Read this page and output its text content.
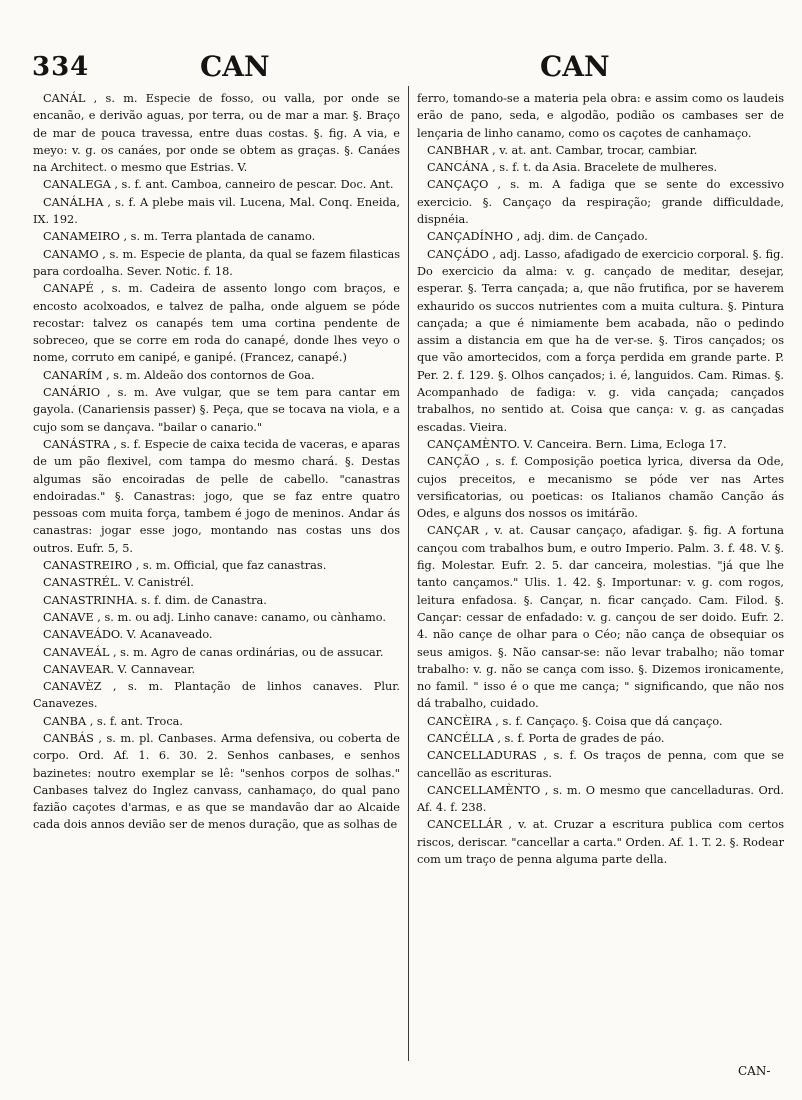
334	CAN	CAN

CANÁL , s. m. Especie de fosso, ou valla, por onde se encanão, e derivão aguas, por terra, ou de mar a mar. §. Braço de mar de pouca travessa, entre duas costas. §. fig. A via, e meyo: v. g. os canáes, por onde se obtem as graças. §. Canáes na Architect. o mesmo que Estrias. V.

CANALEGA , s. f. ant. Camboa, canneiro de pescar. Doc. Ant.

CANÁLHA , s. f. A plebe mais vil. Lucena, Mal. Conq. Eneida, IX. 192.

CANAMEIRO , s. m. Terra plantada de canamo.

CANAMO , s. m. Especie de planta, da qual se fazem filasticas para cordoalha. Sever. Notic. f. 18.

CANAPÉ , s. m. Cadeira de assento longo com braços, e encosto acolxoados, e talvez de palha, onde alguem se póde recostar: talvez os canapés tem uma cortina pendente de sobreceo, que se corre em roda do canapé, donde lhes veyo o nome, corruto em canipé, e ganipé. (Francez, canapé.)

CANARÍM , s. m. Aldeão dos contornos de Goa.

CANÁRIO , s. m. Ave vulgar, que se tem para cantar em gayola. (Canariensis passer) §. Peça, que se tocava na viola, e a cujo som se dançava. "bailar o canario."

CANÁSTRA , s. f. Especie de caixa tecida de vaceras, e aparas de um pão flexivel, com tampa do mesmo chará. §. Destas algumas são encoiradas de pelle de cabello. "canastras endoiradas." §. Canastras: jogo, que se faz entre quatro pessoas com muita força, tambem é jogo de meninos. Andar ás canastras: jogar esse jogo, montando nas costas uns dos outros. Eufr. 5, 5.

CANASTREIRO , s. m. Official, que faz canastras.

CANASTRÉL. V. Canistrél.

CANASTRINHA. s. f. dim. de Canastra.

CANAVE , s. m. ou adj. Linho canave: canamo, ou cànhamo.

CANAVEÁDO. V. Acanaveado.

CANAVEÁL , s. m. Agro de canas ordinárias, ou de assucar.

CANAVEAR. V. Cannavear.

CANAVÈZ , s. m. Plantação de linhos canaves. Plur. Canavezes.

CANBA , s. f. ant. Troca.

CANBÁS , s. m. pl. Canbases. Arma defensiva, ou coberta de corpo. Ord. Af. 1. 6. 30. 2. Senhos canbases, e senhos bazinetes: noutro exemplar se lê: "senhos corpos de solhas." Canbases talvez do Inglez canvass, canhamaço, do qual pano fazião caçotes d'armas, e as que se mandavão dar ao Alcaide cada dois annos devião ser de menos duração, que as solhas de

ferro, tomando-se a materia pela obra: e assim como os laudeis erão de pano, seda, e algodão, podião os cambases ser de lençaria de linho canamo, como os caçotes de canhamaço.

CANBHAR , v. at. ant. Cambar, trocar, cambiar.

CANCÁNA , s. f. t. da Asia. Bracelete de mulheres.

CANÇAÇO , s. m. A fadiga que se sente do excessivo exercicio. §. Cançaço da respiração; grande difficuldade, dispnéia.

CANÇADÍNHO , adj. dim. de Cançado.

CANÇÁDO , adj. Lasso, afadigado de exercicio corporal. §. fig. Do exercicio da alma: v. g. cançado de meditar, desejar, esperar. §. Terra cançada; a, que não frutifica, por se haverem exhaurido os succos nutrientes com a muita cultura. §. Pintura cançada; a que é nimiamente bem acabada, não o pedindo assim a distancia em que ha de ver-se. §. Tiros cançados; os que vão amortecidos, com a força perdida em grande parte. P. Per. 2. f. 129. §. Olhos cançados; i. é, languidos. Cam. Rimas. §. Acompanhado de fadiga: v. g. vida cançada; cançados trabalhos, no sentido at. Coisa que cança: v. g. as cançadas escadas. Vieira.

CANÇAMÈNTO. V. Canceira. Bern. Lima, Ecloga 17.

CANÇÃO , s. f. Composição poetica lyrica, diversa da Ode, cujos preceitos, e mecanismo se póde ver nas Artes versificatorias, ou poeticas: os Italianos chamão Canção ás Odes, e alguns dos nossos os imitárão.

CANÇAR , v. at. Causar cançaço, afadigar. §. fig. A fortuna cançou com trabalhos bum, e outro Imperio. Palm. 3. f. 48. V. §. fig. Molestar. Eufr. 2. 5. dar canceira, molestias. "já que lhe tanto cançamos." Ulis. 1. 42. §. Importunar: v. g. com rogos, leitura enfadosa. §. Cançar, n. ficar cançado. Cam. Filod. §. Cançar: cessar de enfadado: v. g. cançou de ser doido. Eufr. 2. 4. não cançe de olhar para o Céo; não cança de obsequiar os seus amigos. §. Não cansar-se: não levar trabalho; não tomar trabalho: v. g. não se cança com isso. §. Dizemos ironicamente, no famil. " isso é o que me cança; " significando, que não nos dá trabalho, cuidado.

CANCÈIRA , s. f. Cançaço. §. Coisa que dá cançaço.

CANCÉLLA , s. f. Porta de grades de páo.

CANCELLADURAS , s. f. Os traços de penna, com que se cancellão as escrituras.

CANCELLAMÈNTO , s. m. O mesmo que cancelladuras. Ord. Af. 4. f. 238.

CANCELLÁR , v. at. Cruzar a escritura publica com certos riscos, deriscar. "cancellar a carta." Orden. Af. 1. T. 2. §. Rodear com um traço de penna alguma parte della.

CAN-
